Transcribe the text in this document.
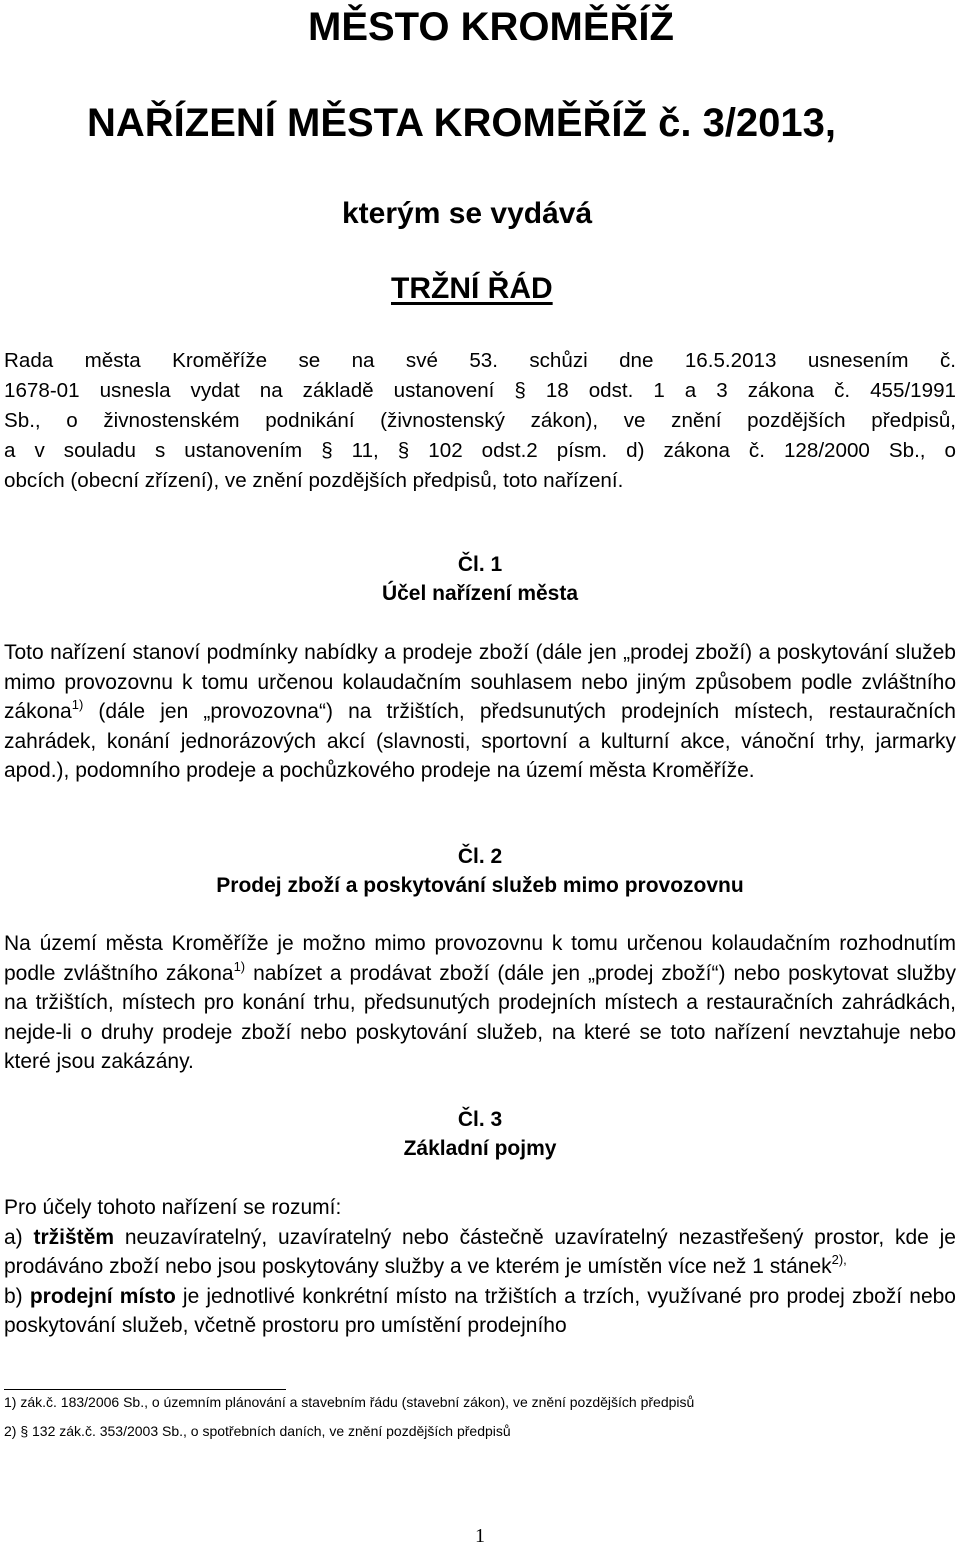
MĚSTO KROMĚŘÍŽ
NAŘÍZENÍ MĚSTA KROMĚŘÍŽ č. 3/2013,
kterým se vydává
TRŽNÍ ŘÁD

Rada města Kroměříže se na své 53. schůzi dne 16.5.2013 usnesením č.

1678-01 usnesla vydat na základě ustanovení § 18 odst. 1 a 3 zákona č. 455/1991

Sb., o živnostenském podnikání (živnostenský zákon), ve znění pozdějších předpisů,

a v souladu s ustanovením § 11, § 102 odst.2 písm. d) zákona č. 128/2000 Sb., o

obcích (obecní zřízení), ve znění pozdějších předpisů, toto nařízení.

Čl. 1
Účel nařízení města

Toto nařízení stanoví podmínky nabídky a prodeje zboží (dále jen „prodej zboží) a poskytování služeb mimo provozovnu k tomu určenou kolaudačním souhlasem nebo jiným způsobem podle zvláštního zákona$^{1)}$ (dále jen „provozovna“) na tržištích, předsunutých prodejních místech, restauračních zahrádek, konání jednorázových akcí (slavnosti, sportovní a kulturní akce, vánoční trhy, jarmarky apod.), podomního prodeje a pochůzkového prodeje na území města Kroměříže.

Čl. 2
Prodej zboží a poskytování služeb mimo provozovnu

Na území města Kroměříže je možno mimo provozovnu k tomu určenou kolaudačním rozhodnutím podle zvláštního zákona$^{1)}$ nabízet a prodávat zboží (dále jen „prodej zboží“) nebo poskytovat služby na tržištích, místech pro konání trhu, předsunutých prodejních místech a restauračních zahrádkách, nejde-li o druhy prodeje zboží nebo poskytování služeb, na které se toto nařízení nevztahuje nebo které jsou zakázány.

Čl. 3
Základní pojmy

Pro účely tohoto nařízení se rozumí:

a) tržištěm neuzavíratelný, uzavíratelný nebo částečně uzavíratelný nezastřešený prostor, kde je prodáváno zboží nebo jsou poskytovány služby a ve kterém je umístěn více než 1 stánek$^{2),}$

b) prodejní místo je jednotlivé konkrétní místo na tržištích a trzích, využívané pro prodej zboží nebo poskytování služeb, včetně prostoru pro umístění prodejního

1) zák.č. 183/2006 Sb., o územním plánování a stavebním řádu (stavební zákon), ve znění pozdějších předpisů
2) § 132 zák.č. 353/2003 Sb., o spotřebních daních, ve znění pozdějších předpisů
1
